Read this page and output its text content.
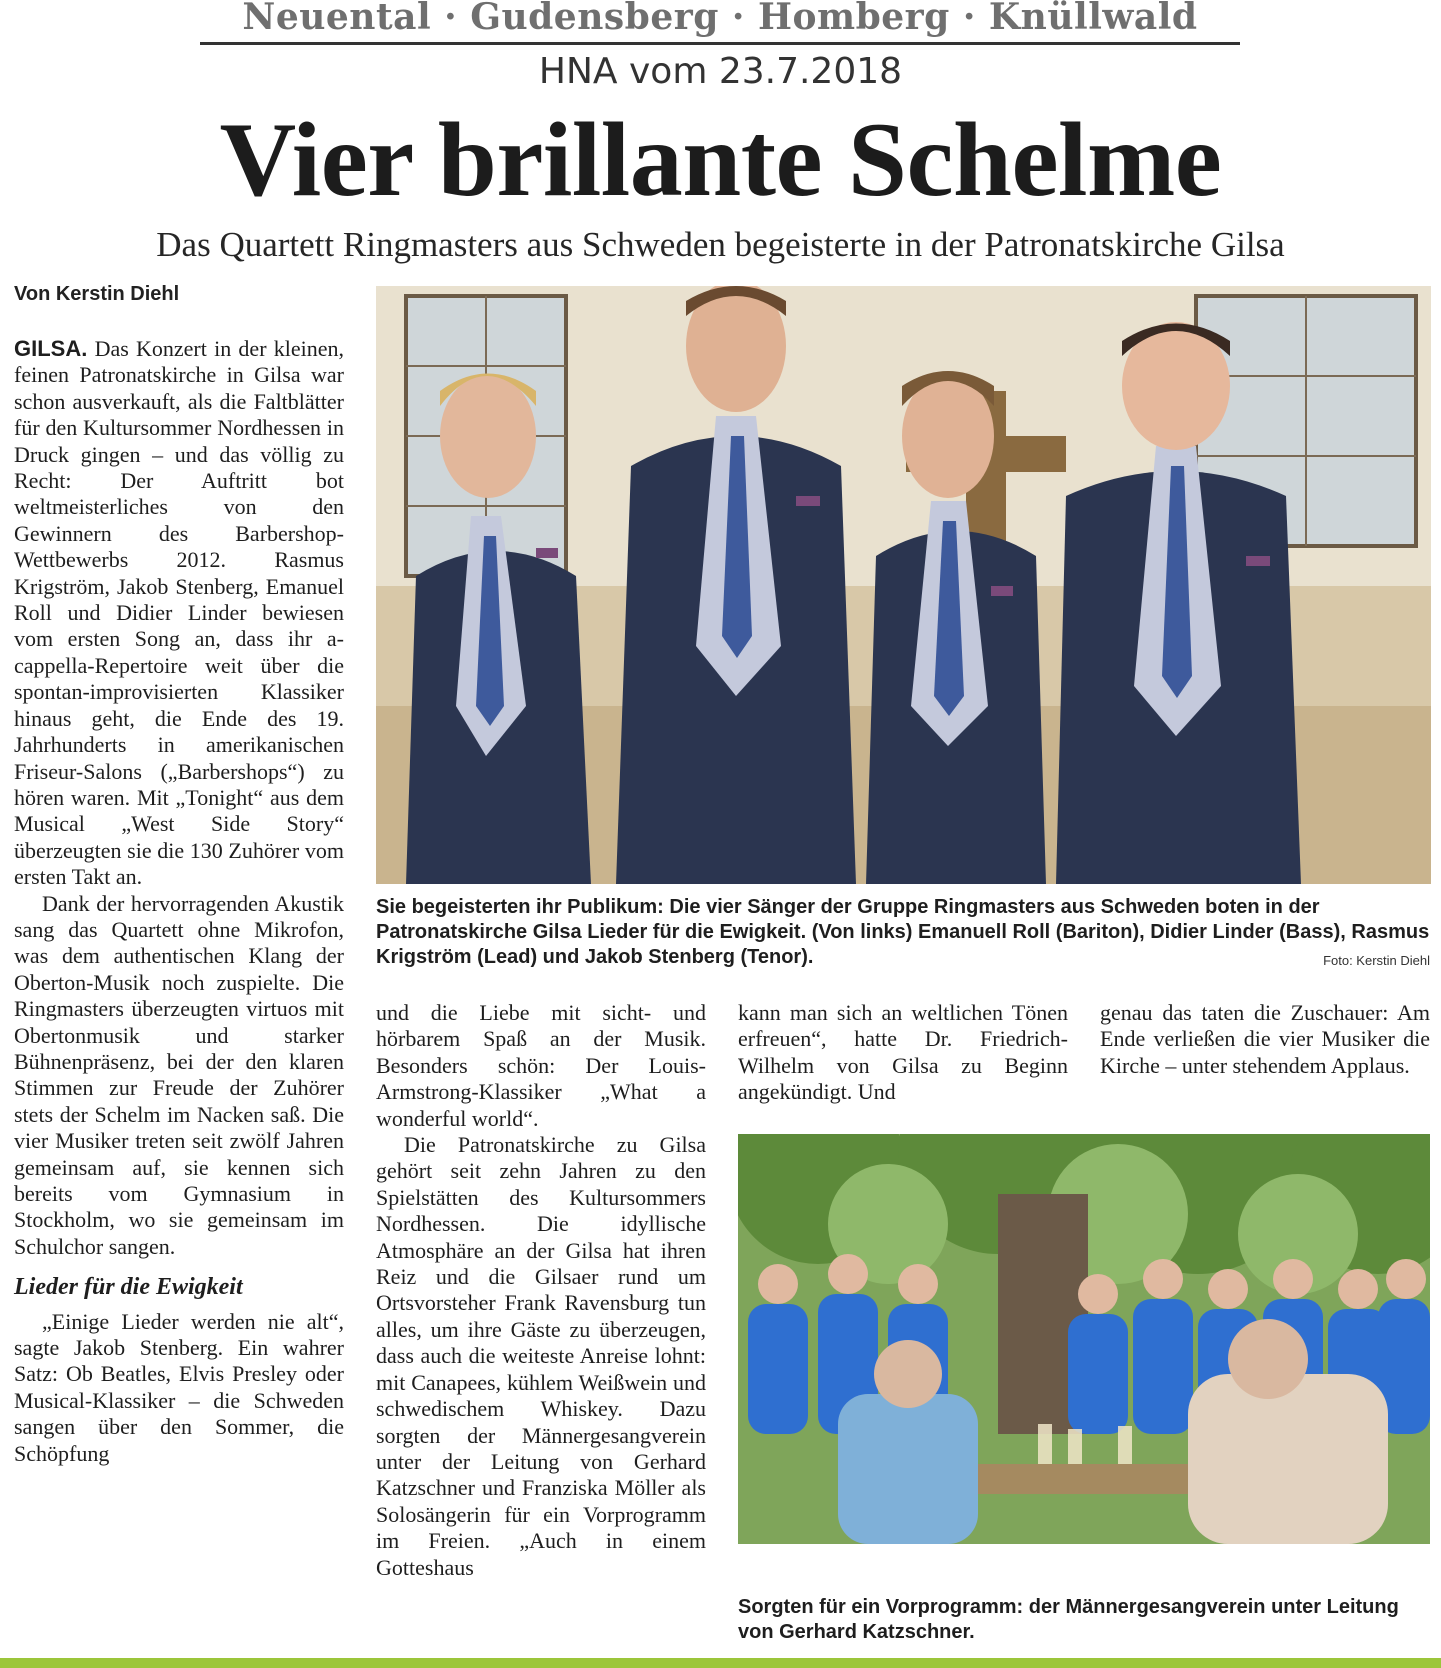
Neuental · Gudensberg · Homberg · Knüllwald
HNA vom 23.7.2018
Vier brillante Schelme
Das Quartett Ringmasters aus Schweden begeisterte in der Patronatskirche Gilsa
Von Kerstin Diehl

GILSA. Das Konzert in der kleinen, feinen Patronatskirche in Gilsa war schon ausverkauft, als die Faltblätter für den Kultursommer Nordhessen in Druck gingen – und das völlig zu Recht: Der Auftritt bot weltmeisterliches von den Gewinnern des Barbershop-Wettbewerbs 2012. Rasmus Krigström, Jakob Stenberg, Emanuel Roll und Didier Linder bewiesen vom ersten Song an, dass ihr a-cappella-Repertoire weit über die spontan-improvisierten Klassiker hinaus geht, die Ende des 19. Jahrhunderts in amerikanischen Friseur-Salons („Barbershops“) zu hören waren. Mit „Tonight“ aus dem Musical „West Side Story“ überzeugten sie die 130 Zuhörer vom ersten Takt an.

Dank der hervorragenden Akustik sang das Quartett ohne Mikrofon, was dem authentischen Klang der Oberton-Musik noch zuspielte. Die Ringmasters überzeugten virtuos mit Obertonmusik und starker Bühnenpräsenz, bei der den klaren Stimmen zur Freude der Zuhörer stets der Schelm im Nacken saß. Die vier Musiker treten seit zwölf Jahren gemeinsam auf, sie kennen sich bereits vom Gymnasium in Stockholm, wo sie gemeinsam im Schulchor sangen.

Lieder für die Ewigkeit

„Einige Lieder werden nie alt“, sagte Jakob Stenberg. Ein wahrer Satz: Ob Beatles, Elvis Presley oder Musical-Klassiker – die Schweden sangen über den Sommer, die Schöpfung

und die Liebe mit sicht- und hörbarem Spaß an der Musik. Besonders schön: Der Louis-Armstrong-Klassiker „What a wonderful world“.

Die Patronatskirche zu Gilsa gehört seit zehn Jahren zu den Spielstätten des Kultursommers Nordhessen. Die idyllische Atmosphäre an der Gilsa hat ihren Reiz und die Gilsaer rund um Ortsvorsteher Frank Ravensburg tun alles, um ihre Gäste zu überzeugen, dass auch die weiteste Anreise lohnt: mit Canapees, kühlem Weißwein und schwedischem Whiskey. Dazu sorgten der Männergesangverein unter der Leitung von Gerhard Katzschner und Franziska Möller als Solosängerin für ein Vorprogramm im Freien. „Auch in einem Gotteshaus

kann man sich an weltlichen Tönen erfreuen“, hatte Dr. Friedrich-Wilhelm von Gilsa zu Beginn angekündigt. Und

genau das taten die Zuschauer: Am Ende verließen die vier Musiker die Kirche – unter stehendem Applaus.

Sie begeisterten ihr Publikum: Die vier Sänger der Gruppe Ringmasters aus Schweden boten in der Patronatskirche Gilsa Lieder für die Ewigkeit. (Von links) Emanuell Roll (Bariton), Didier Linder (Bass), Rasmus Krigström (Lead) und Jakob Stenberg (Tenor).	Foto: Kerstin Diehl
Sorgten für ein Vorprogramm: der Männergesangverein unter Leitung von Gerhard Katzschner.
